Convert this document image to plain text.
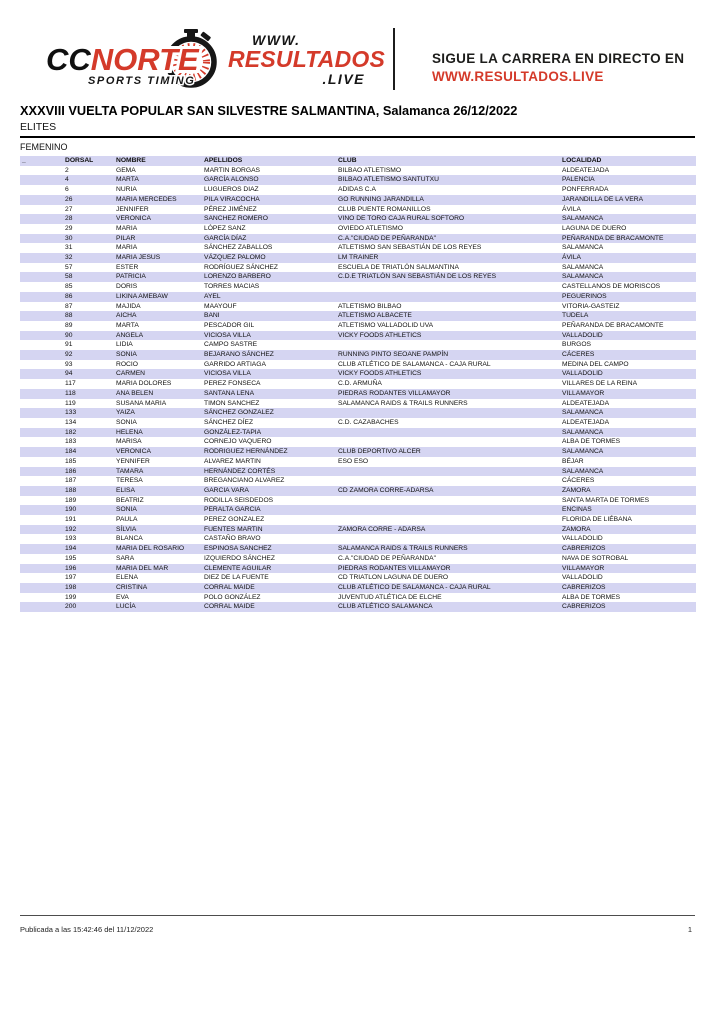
CCNORTE
SPORTS TIMING
WWW.
RESULTADOS
.LIVE
SIGUE LA CARRERA EN DIRECTO EN
WWW.RESULTADOS.LIVE
XXXVIII VUELTA POPULAR SAN SILVESTRE SALMANTINA, Salamanca 26/12/2022
ELITES
FEMENINO
_	DORSAL	NOMBRE	APELLIDOS	CLUB	LOCALIDAD
	2	GEMA	MARTIN BORGAS	BILBAO ATLETISMO	ALDEATEJADA
	4	MARTA	GARCÍA ALONSO	BILBAO ATLETISMO SANTUTXU	PALENCIA
	6	NURIA	LUGUEROS DIAZ	ADIDAS C.A	PONFERRADA
	26	MARIA MERCEDES	PILA VIRACOCHA	GO RUNNING JARANDILLA	JARANDILLA DE LA VERA
	27	JENNIFER	PÉREZ JIMÉNEZ	CLUB PUENTE ROMANILLOS	ÁVILA
	28	VERONICA	SANCHEZ ROMERO	VINO DE TORO CAJA RURAL SOFTORO	SALAMANCA
	29	MARIA	LÓPEZ SANZ	OVIEDO ATLETISMO	LAGUNA DE DUERO
	30	PILAR	GARCÍA DÍAZ	C.A."CIUDAD DE PEÑARANDA"	PEÑARANDA DE BRACAMONTE
	31	MARIA	SÁNCHEZ ZABALLOS	ATLETISMO SAN SEBASTIÁN DE LOS REYES	SALAMANCA
	32	MARIA JESUS	VÁZQUEZ PALOMO	LM TRAINER	ÁVILA
	57	ESTER	RODRÍGUEZ SÁNCHEZ	ESCUELA DE TRIATLÓN SALMANTINA	SALAMANCA
	58	PATRICIA	LORENZO BARBERO	C.D.E TRIATLÓN SAN SEBASTIÁN DE LOS REYES	SALAMANCA
	85	DORIS	TORRES MACIAS		CASTELLANOS DE MORISCOS
	86	LIKINA AMEBAW	AYEL		PEGUERINOS
	87	MAJIDA	MAAYOUF	ATLETISMO BILBAO	VITORIA-GASTEIZ
	88	AICHA	BANI	ATLETISMO ALBACETE	TUDELA
	89	MARTA	PESCADOR GIL	ATLETISMO VALLADOLID UVA	PEÑARANDA DE BRACAMONTE
	90	ANGELA	VICIOSA VILLA	VICKY FOODS ATHLETICS	VALLADOLID
	91	LIDIA	CAMPO SASTRE		BURGOS
	92	SONIA	BEJARANO SÁNCHEZ	RUNNING PINTO SEOANE PAMPÍN	CÁCERES
	93	ROCIO	GARRIDO ARTIAGA	CLUB ATLÉTICO DE SALAMANCA - CAJA RURAL	MEDINA DEL CAMPO
	94	CARMEN	VICIOSA VILLA	VICKY FOODS ATHLETICS	VALLADOLID
	117	MARIA DOLORES	PEREZ FONSECA	C.D. ARMUÑA	VILLARES DE LA REINA
	118	ANA BELEN	SANTANA LENA	PIEDRAS RODANTES VILLAMAYOR	VILLAMAYOR
	119	SUSANA MARIA	TIMON SANCHEZ	SALAMANCA RAIDS & TRAILS RUNNERS	ALDEATEJADA
	133	YAIZA	SÁNCHEZ GONZALEZ		SALAMANCA
	134	SONIA	SÁNCHEZ DÍEZ	C.D. CAZABACHES	ALDEATEJADA
	182	HELENA	GONZÁLEZ-TAPIA		SALAMANCA
	183	MARISA	CORNEJO VAQUERO		ALBA DE TORMES
	184	VERONICA	RODRIGUEZ HERNÁNDEZ	CLUB DEPORTIVO ALCER	SALAMANCA
	185	YENNIFER	ALVAREZ MARTIN	ESO ESO	BÉJAR
	186	TAMARA	HERNÁNDEZ CORTÉS		SALAMANCA
	187	TERESA	BREGANCIANO ALVAREZ		CÁCERES
	188	ELISA	GARCIA VARA	CD ZAMORA CORRE-ADARSA	ZAMORA
	189	BEATRIZ	RODILLA SEISDEDOS		SANTA MARTA DE TORMES
	190	SONIA	PERALTA GARCIA		ENCINAS
	191	PAULA	PEREZ GONZALEZ		FLORIDA DE LIÉBANA
	192	SÍLVIA	FUENTES MARTIN	ZAMORA CORRE - ADARSA	ZAMORA
	193	BLANCA	CASTAÑO BRAVO		VALLADOLID
	194	MARIA DEL ROSARIO	ESPINOSA SANCHEZ	SALAMANCA RAIDS & TRAILS RUNNERS	CABRERIZOS
	195	SARA	IZQUIERDO SÁNCHEZ	C.A."CIUDAD DE PEÑARANDA"	NAVA DE SOTROBAL
	196	MARIA DEL MAR	CLEMENTE AGUILAR	PIEDRAS RODANTES VILLAMAYOR	VILLAMAYOR
	197	ELENA	DIEZ DE LA FUENTE	CD TRIATLON LAGUNA DE DUERO	VALLADOLID
	198	CRISTINA	CORRAL MAIDE	CLUB ATLÉTICO DE SALAMANCA - CAJA RURAL	CABRERIZOS
	199	EVA	POLO GONZÁLEZ	JUVENTUD ATLÉTICA DE ELCHE	ALBA DE TORMES
	200	LUCÍA	CORRAL MAIDE	CLUB ATLÉTICO SALAMANCA	CABRERIZOS
Publicada a las 15:42:46 del 11/12/2022	1
